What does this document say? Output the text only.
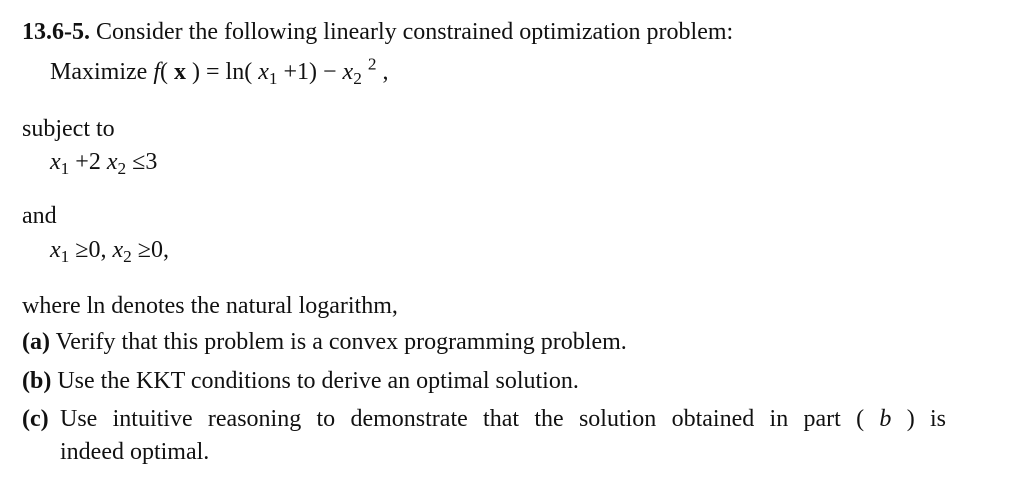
13.6-5. Consider the following linearly constrained optimization problem:
Maximize f( x ) = ln( $x_1 +1) - x_2$ $^2$ ,
subject to
$x_1 +2$ $x_2 \le 3$
and
$x_1 \ge 0$, $x_2 \ge 0$,
where ln denotes the natural logarithm,
(a) Verify that this problem is a convex programming problem.
(b) Use the KKT conditions to derive an optimal solution.
(c) Use intuitive reasoning to demonstrate that the solution obtained in part ( b ) is
indeed optimal.
